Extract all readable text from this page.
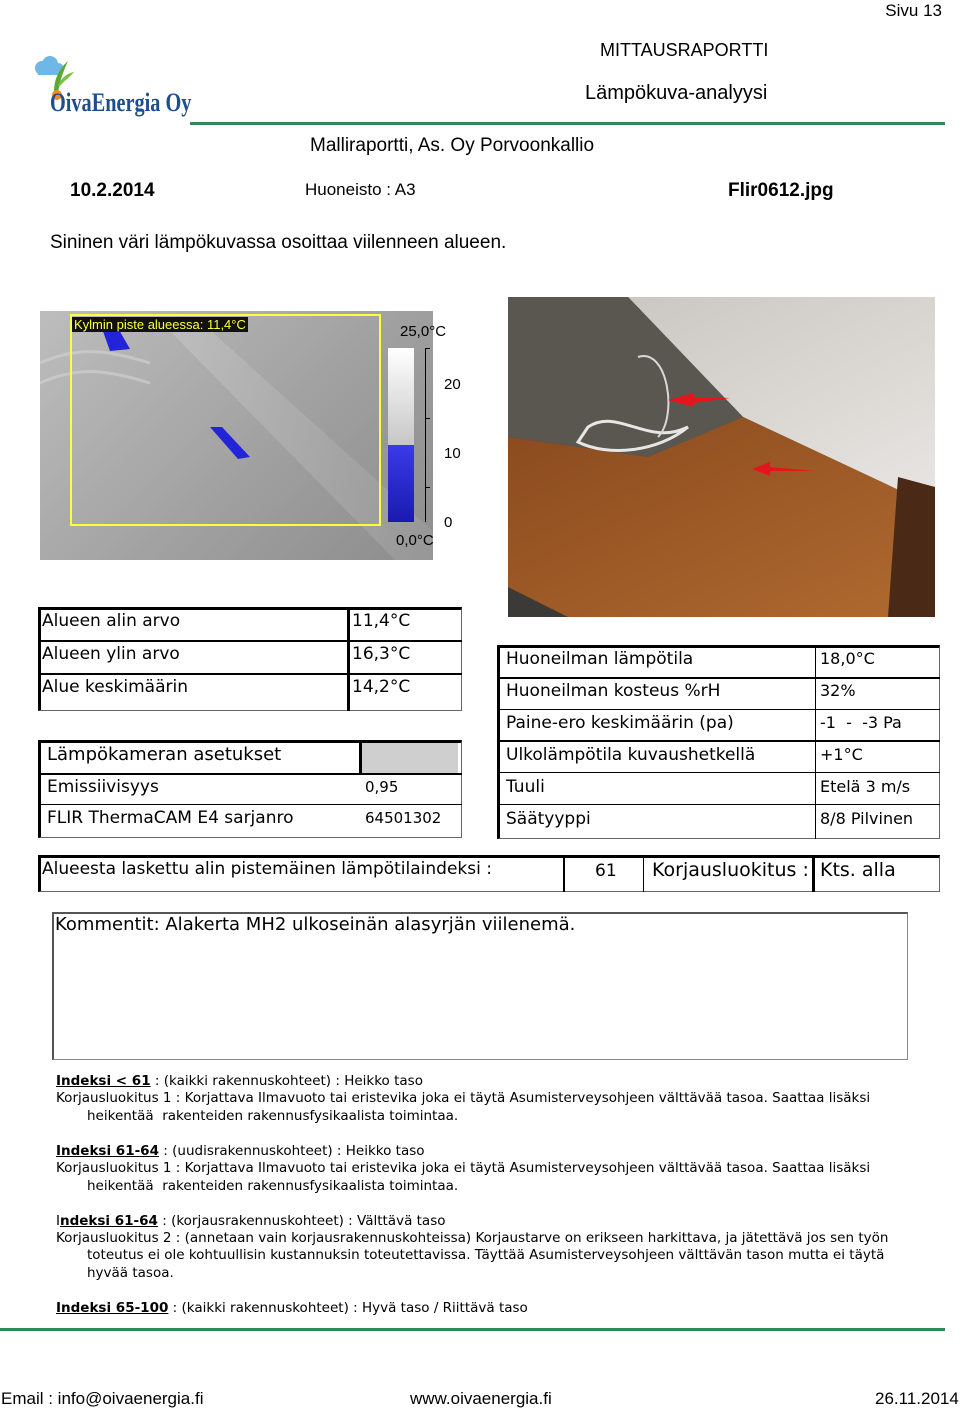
Sivu 13
OivaEnergia Oy
MITTAUSRAPORTTI
Lämpökuva-analyysi
Malliraportti, As. Oy Porvoonkallio
10.2.2014	Huoneisto : A3	Flir0612.jpg
Sininen väri lämpökuvassa osoittaa viilenneen alueen.
Kylmin piste alueessa: 11,4°C	25,0°C
20
10
0
0,0°C
Alueen alin arvo	11,4°C
Alueen ylin arvo	16,3°C
Alue keskimäärin	14,2°C
Lämpökameran asetukset
Emissiivisyys	0,95
FLIR ThermaCAM E4 sarjanro	64501302
Huoneilman lämpötila	18,0°C
Huoneilman kosteus %rH	32%
Paine-ero keskimäärin (pa)	-1  -  -3 Pa
Ulkolämpötila kuvaushetkellä	+1°C
Tuuli	Etelä 3 m/s
Säätyyppi	8/8 Pilvinen
Alueesta laskettu alin pistemäinen lämpötilaindeksi :	61 Korjausluokitus : Kts. alla
Kommentit: Alakerta MH2 ulkoseinän alasyrjän viilenemä.
Indeksi < 61 : (kaikki rakennuskohteet) : Heikko taso
Korjausluokitus 1 : Korjattava Ilmavuoto tai eristevika joka ei täytä Asumisterveysohjeen välttävää tasoa. Saattaa lisäksi
heikentää  rakenteiden rakennusfysikaalista toimintaa.
Indeksi 61-64 : (uudisrakennuskohteet) : Heikko taso
Korjausluokitus 1 : Korjattava Ilmavuoto tai eristevika joka ei täytä Asumisterveysohjeen välttävää tasoa. Saattaa lisäksi
heikentää  rakenteiden rakennusfysikaalista toimintaa.
Indeksi 61-64 : (korjausrakennuskohteet) : Välttävä taso
Korjausluokitus 2 : (annetaan vain korjausrakennuskohteissa) Korjaustarve on erikseen harkittava, ja jätettävä jos sen työn
toteutus ei ole kohtuullisin kustannuksin toteutettavissa. Täyttää Asumisterveysohjeen välttävän tason mutta ei täytä
hyvää tasoa.
Indeksi 65-100 : (kaikki rakennuskohteet) : Hyvä taso / Riittävä taso
Email : info@oivaenergia.fi	www.oivaenergia.fi	26.11.2014
